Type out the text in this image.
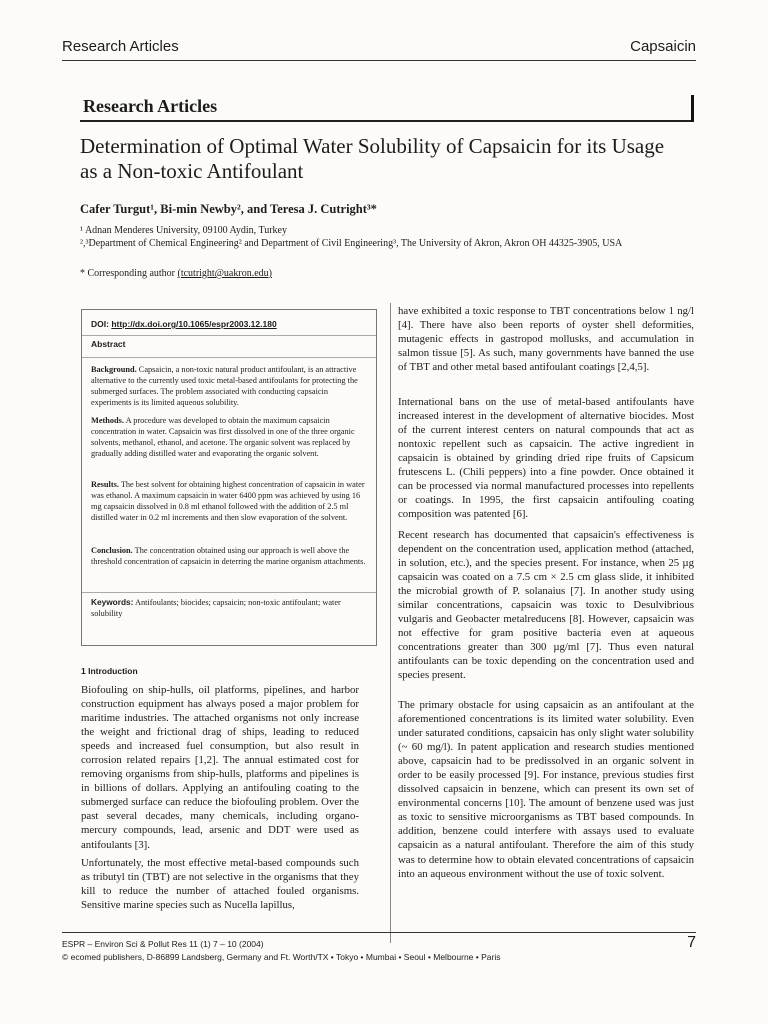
Research Articles	Capsaicin
Research Articles
Determination of Optimal Water Solubility of Capsaicin for its Usage as a Non-toxic Antifoulant
Cafer Turgut¹, Bi-min Newby², and Teresa J. Cutright³*
¹ Adnan Menderes University, 09100 Aydin, Turkey
²,³Department of Chemical Engineering² and Department of Civil Engineering³, The University of Akron, Akron OH 44325-3905, USA
* Corresponding author (tcutright@uakron.edu)
DOI: http://dx.doi.org/10.1065/espr2003.12.180
Abstract
Background. Capsaicin, a non-toxic natural product antifoulant, is an attractive alternative to the currently used toxic metal-based antifoulants for protecting the submerged surfaces. The problem associated with conducting capsaicin experiments is its limited aqueous solubility.
Methods. A procedure was developed to obtain the maximum capsaicin concentration in water. Capsaicin was first dissolved in one of the three organic solvents, methanol, ethanol, and acetone. The organic solvent was replaced by gradually adding distilled water and evaporating the organic solvent.
Results. The best solvent for obtaining highest concentration of capsaicin in water was ethanol. A maximum capsaicin in water 6400 ppm was achieved by using 16 mg capsaicin dissolved in 0.8 ml ethanol followed with the addition of 2.5 ml distilled water in 0.2 ml increments and then slow evaporation of the solvent.
Conclusion. The concentration obtained using our approach is well above the threshold concentration of capsaicin in deterring the marine organism attachments.
Keywords: Antifoulants; biocides; capsaicin; non-toxic antifoulant; water solubility
1 Introduction
Biofouling on ship-hulls, oil platforms, pipelines, and harbor construction equipment has always posed a major problem for maritime industries. The attached organisms not only increase the weight and frictional drag of ships, leading to reduced speeds and increased fuel consumption, but also result in corrosion related repairs [1,2]. The annual estimated cost for removing organisms from ship-hulls, platforms and pipelines is in billions of dollars. Applying an antifouling coating to the submerged surface can reduce the biofouling problem. Over the past several decades, many chemicals, including organo-mercury compounds, lead, arsenic and DDT were used as antifoulants [3].
Unfortunately, the most effective metal-based compounds such as tributyl tin (TBT) are not selective in the organisms that they kill to reduce the number of attached fouled organisms. Sensitive marine species such as Nucella lapillus,
have exhibited a toxic response to TBT concentrations below 1 ng/l [4]. There have also been reports of oyster shell deformities, mutagenic effects in gastropod mollusks, and accumulation in salmon tissue [5]. As such, many governments have banned the use of TBT and other metal based antifoulant coatings [2,4,5].
International bans on the use of metal-based antifoulants have increased interest in the development of alternative biocides. Most of the current interest centers on natural compounds that act as nontoxic repellent such as capsaicin. The active ingredient in capsaicin is obtained by grinding dried ripe fruits of Capsicum frutescens L. (Chili peppers) into a fine powder. Once obtained it can be processed via normal manufactured processes into repellents or coatings. In 1995, the first capsaicin antifouling coating composition was patented [6].
Recent research has documented that capsaicin's effectiveness is dependent on the concentration used, application method (attached, in solution, etc.), and the species present. For instance, when 25 µg capsaicin was coated on a 7.5 cm × 2.5 cm glass slide, it inhibited the microbial growth of P. solanaius [7]. In another study using similar concentrations, capsaicin was toxic to Desulvibrious vulgaris and Geobacter metalreducens [8]. However, capsaicin was not effective for gram positive bacteria even at aqueous concentrations greater than 300 µg/ml [7]. Thus even natural antifoulants can be toxic depending on the concentration used and species present.
The primary obstacle for using capsaicin as an antifoulant at the aforementioned concentrations is its limited water solubility. Even under saturated conditions, capsaicin has only slight water solubility (~ 60 mg/l). In patent application and research studies mentioned above, capsaicin had to be predissolved in an organic solvent in order to be easily processed [9]. For instance, previous studies first dissolved capsaicin in benzene, which can present its own set of environmental concerns [10]. The amount of benzene used was just as toxic to sensitive microorganisms as TBT based compounds. In addition, benzene could interfere with assays used to evaluate capsaicin as a natural antifoulant. Therefore the aim of this study was to determine how to obtain elevated concentrations of capsaicin into an aqueous environment without the use of toxic solvent.
ESPR – Environ Sci & Pollut Res 11 (1) 7 – 10 (2004)
© ecomed publishers, D-86899 Landsberg, Germany and Ft. Worth/TX • Tokyo • Mumbai • Seoul • Melbourne • Paris
7
